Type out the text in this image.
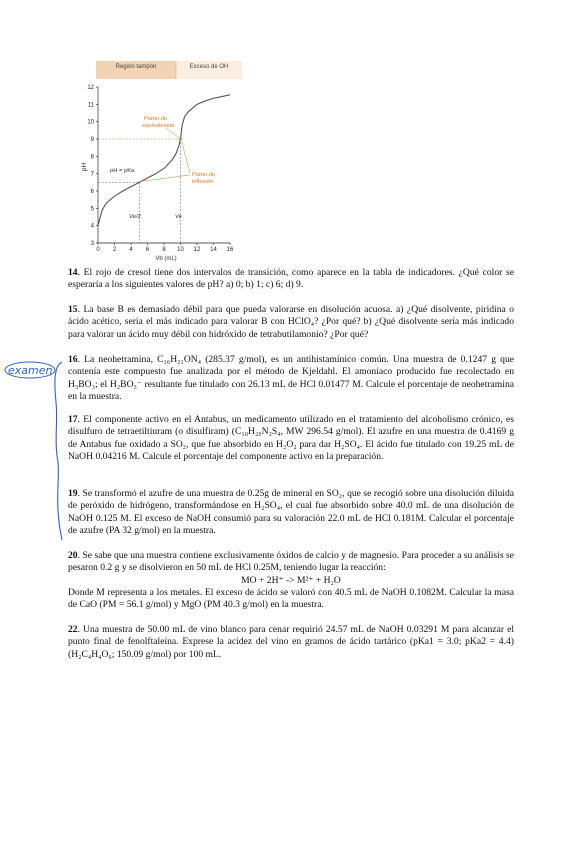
Región tampón	Exceso de OH
3
4
5
6
7
8
9
10
11
12
0 2 4 6 8 10 12 14 16
pH
Vb (mL)
Punto de equivalencia
pH = pKa
Punto de inflexión
Ve/2	Ve
14. El rojo de cresol tiene dos intervalos de transición, como aparece en la tabla de indicadores. ¿Qué color se esperaría a los siguientes valores de pH? a) 0; b) 1; c) 6; d) 9.
15. La base B es demasiado débil para que pueda valorarse en disolución acuosa. a) ¿Qué disolvente, piridina o ácido acético, sería el más indicado para valorar B con HClO₄? ¿Por qué? b) ¿Qué disolvente sería más indicado para valorar un ácido muy débil con hidróxido de tetrabutilamonio? ¿Por qué?
16. La neohetramina, C₁₆H₂₁ON₄ (285.37 g/mol), es un antihistamínico común. Una muestra de 0.1247 g que contenía este compuesto fue analizada por el método de Kjeldahl. El amoniaco producido fue recolectado en H₃BO₃; el H₂BO₃⁻ resultante fue titulado con 26.13 mL de HCl 0.01477 M. Calcule el porcentaje de neohetramina en la muestra.
17. El componente activo en el Antabus, un medicamento utilizado en el tratamiento del alcoholismo crónico, es disulfuro de tetraetiltiuram (o disulfiram) (C₁₀H₂₀N₂S₄, MW 296.54 g/mol). El azufre en una muestra de 0.4169 g de Antabus fue oxidado a SO₂, que fue absorbido en H₂O₂ para dar H₂SO₄. El ácido fue titulado con 19.25 mL de NaOH 0.04216 M. Calcule el porcentaje del componente activo en la preparación.
19. Se transformó el azufre de una muestra de 0.25g de mineral en SO₂, que se recogió sobre una disolución diluida de peróxido de hidrógeno, transformándose en H₂SO₄, el cual fue absorbido sobre 40.0 mL de una disolución de NaOH 0.125 M. El exceso de NaOH consumió para su valoración 22.0 mL de HCl 0.181M. Calcular el porcentaje de azufre (PA 32 g/mol) en la muestra.
20. Se sabe que una muestra contiene exclusivamente óxidos de calcio y de magnesio. Para proceder a su análisis se pesaron 0.2 g y se disolvieron en 50 mL de HCl 0.25M, teniendo lugar la reacción:
MO + 2H⁺ -> M²⁺ + H₂O
Donde M representa a los metales. El exceso de ácido se valoró con 40.5 mL de NaOH 0.1082M. Calcular la masa de CaO (PM = 56.1 g/mol) y MgO (PM 40.3 g/mol) en la muestra.
22. Una muestra de 50.00 mL de vino blanco para cenar requirió 24.57 mL de NaOH 0.03291 M para alcanzar el punto final de fenolftaleína. Exprese la acidez del vino en gramos de ácido tartárico (pKa1 = 3.0; pKa2 = 4.4) (H₂C₄H₄O₆; 150.09 g/mol) por 100 mL.
examen
